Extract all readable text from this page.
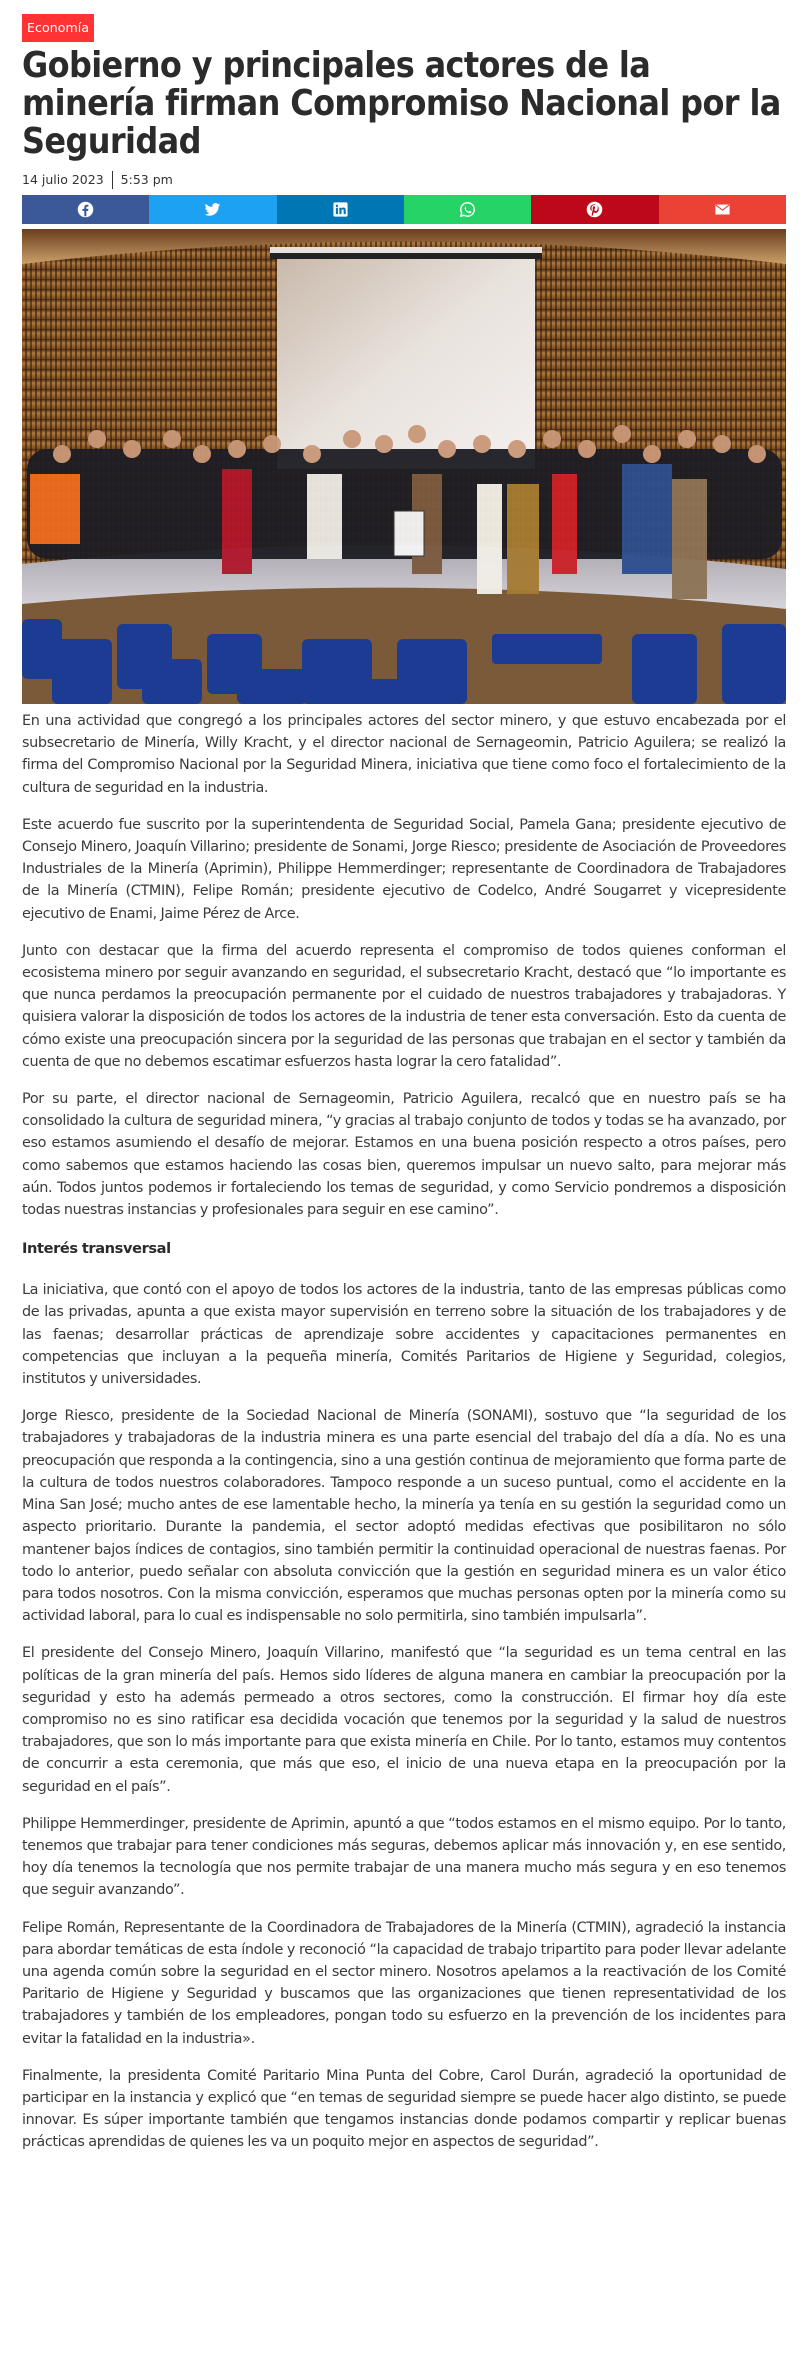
Economía
Gobierno y principales actores de la minería firman Compromiso Nacional por la Seguridad
14 julio 2023 5:53 pm

En una actividad que congregó a los principales actores del sector minero, y que estuvo encabezada por el subsecretario de Minería, Willy Kracht, y el director nacional de Sernageomin, Patricio Aguilera; se realizó la firma del Compromiso Nacional por la Seguridad Minera, iniciativa que tiene como foco el fortalecimiento de la cultura de seguridad en la industria.

Este acuerdo fue suscrito por la superintendenta de Seguridad Social, Pamela Gana; presidente ejecutivo de Consejo Minero, Joaquín Villarino; presidente de Sonami, Jorge Riesco; presidente de Asociación de Proveedores Industriales de la Minería (Aprimin), Philippe Hemmerdinger; representante de Coordinadora de Trabajadores de la Minería (CTMIN), Felipe Román; presidente ejecutivo de Codelco, André Sougarret y vicepresidente ejecutivo de Enami, Jaime Pérez de Arce.

Junto con destacar que la firma del acuerdo representa el compromiso de todos quienes conforman el ecosistema minero por seguir avanzando en seguridad, el subsecretario Kracht, destacó que “lo importante es que nunca perdamos la preocupación permanente por el cuidado de nuestros trabajadores y trabajadoras. Y quisiera valorar la disposición de todos los actores de la industria de tener esta conversación. Esto da cuenta de cómo existe una preocupación sincera por la seguridad de las personas que trabajan en el sector y también da cuenta de que no debemos escatimar esfuerzos hasta lograr la cero fatalidad”.

Por su parte, el director nacional de Sernageomin, Patricio Aguilera, recalcó que en nuestro país se ha consolidado la cultura de seguridad minera, “y gracias al trabajo conjunto de todos y todas se ha avanzado, por eso estamos asumiendo el desafío de mejorar. Estamos en una buena posición respecto a otros países, pero como sabemos que estamos haciendo las cosas bien, queremos impulsar un nuevo salto, para mejorar más aún. Todos juntos podemos ir fortaleciendo los temas de seguridad, y como Servicio pondremos a disposición todas nuestras instancias y profesionales para seguir en ese camino”.

Interés transversal

La iniciativa, que contó con el apoyo de todos los actores de la industria, tanto de las empresas públicas como de las privadas, apunta a que exista mayor supervisión en terreno sobre la situación de los trabajadores y de las faenas; desarrollar prácticas de aprendizaje sobre accidentes y capacitaciones permanentes en competencias que incluyan a la pequeña minería, Comités Paritarios de Higiene y Seguridad, colegios, institutos y universidades.

Jorge Riesco, presidente de la Sociedad Nacional de Minería (SONAMI), sostuvo que “la seguridad de los trabajadores y trabajadoras de la industria minera es una parte esencial del trabajo del día a día. No es una preocupación que responda a la contingencia, sino a una gestión continua de mejoramiento que forma parte de la cultura de todos nuestros colaboradores. Tampoco responde a un suceso puntual, como el accidente en la Mina San José; mucho antes de ese lamentable hecho, la minería ya tenía en su gestión la seguridad como un aspecto prioritario. Durante la pandemia, el sector adoptó medidas efectivas que posibilitaron no sólo mantener bajos índices de contagios, sino también permitir la continuidad operacional de nuestras faenas. Por todo lo anterior, puedo señalar con absoluta convicción que la gestión en seguridad minera es un valor ético para todos nosotros. Con la misma convicción, esperamos que muchas personas opten por la minería como su actividad laboral, para lo cual es indispensable no solo permitirla, sino también impulsarla”.

El presidente del Consejo Minero, Joaquín Villarino, manifestó que “la seguridad es un tema central en las políticas de la gran minería del país. Hemos sido líderes de alguna manera en cambiar la preocupación por la seguridad y esto ha además permeado a otros sectores, como la construcción. El firmar hoy día este compromiso no es sino ratificar esa decidida vocación que tenemos por la seguridad y la salud de nuestros trabajadores, que son lo más importante para que exista minería en Chile. Por lo tanto, estamos muy contentos de concurrir a esta ceremonia, que más que eso, el inicio de una nueva etapa en la preocupación por la seguridad en el país”.

Philippe Hemmerdinger, presidente de Aprimin, apuntó a que “todos estamos en el mismo equipo. Por lo tanto, tenemos que trabajar para tener condiciones más seguras, debemos aplicar más innovación y, en ese sentido, hoy día tenemos la tecnología que nos permite trabajar de una manera mucho más segura y en eso tenemos que seguir avanzando”.

Felipe Román, Representante de la Coordinadora de Trabajadores de la Minería (CTMIN), agradeció la instancia para abordar temáticas de esta índole y reconoció “la capacidad de trabajo tripartito para poder llevar adelante una agenda común sobre la seguridad en el sector minero. Nosotros apelamos a la reactivación de los Comité Paritario de Higiene y Seguridad y buscamos que las organizaciones que tienen representatividad de los trabajadores y también de los empleadores, pongan todo su esfuerzo en la prevención de los incidentes para evitar la fatalidad en la industria».

Finalmente, la presidenta Comité Paritario Mina Punta del Cobre, Carol Durán, agradeció la oportunidad de participar en la instancia y explicó que “en temas de seguridad siempre se puede hacer algo distinto, se puede innovar. Es súper importante también que tengamos instancias donde podamos compartir y replicar buenas prácticas aprendidas de quienes les va un poquito mejor en aspectos de seguridad”.
